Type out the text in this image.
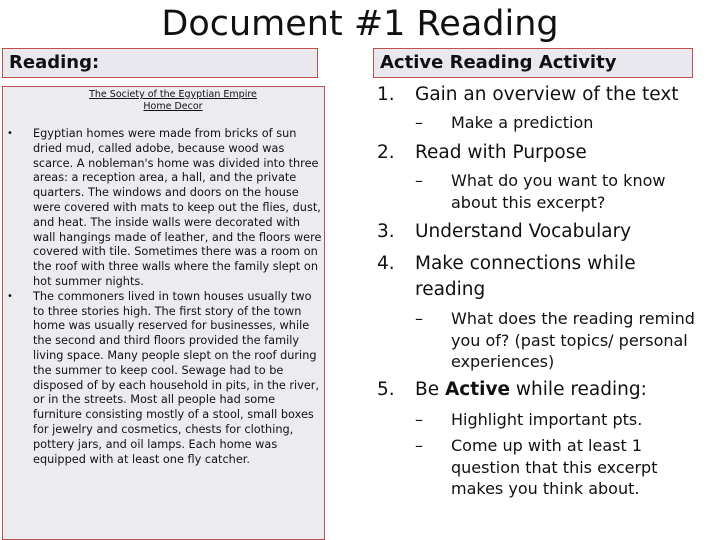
Document #1 Reading
Reading:	Active Reading Activity
The Society of the Egyptian Empire
Home Decor
• Egyptian homes were made from bricks of sun dried mud, called adobe, because wood was scarce. A nobleman's home was divided into three areas: a reception area, a hall, and the private quarters. The windows and doors on the house were covered with mats to keep out the flies, dust, and heat. The inside walls were decorated with wall hangings made of leather, and the floors were covered with tile. Sometimes there was a room on the roof with three walls where the family slept on hot summer nights.
• The commoners lived in town houses usually two to three stories high. The first story of the town home was usually reserved for businesses, while the second and third floors provided the family living space. Many people slept on the roof during the summer to keep cool. Sewage had to be disposed of by each household in pits, in the river, or in the streets. Most all people had some furniture consisting mostly of a stool, small boxes for jewelry and cosmetics, chests for clothing, pottery jars, and oil lamps. Each home was equipped with at least one fly catcher.
1. Gain an overview of the text
–	Make a prediction
2. Read with Purpose
–	What do you want to know about this excerpt?
3. Understand Vocabulary
4. Make connections while
reading
–	What does the reading remind you of? (past topics/ personal experiences)
5. Be Active while reading:
–	Highlight important pts.
–	Come up with at least 1 question that this excerpt makes you think about.
